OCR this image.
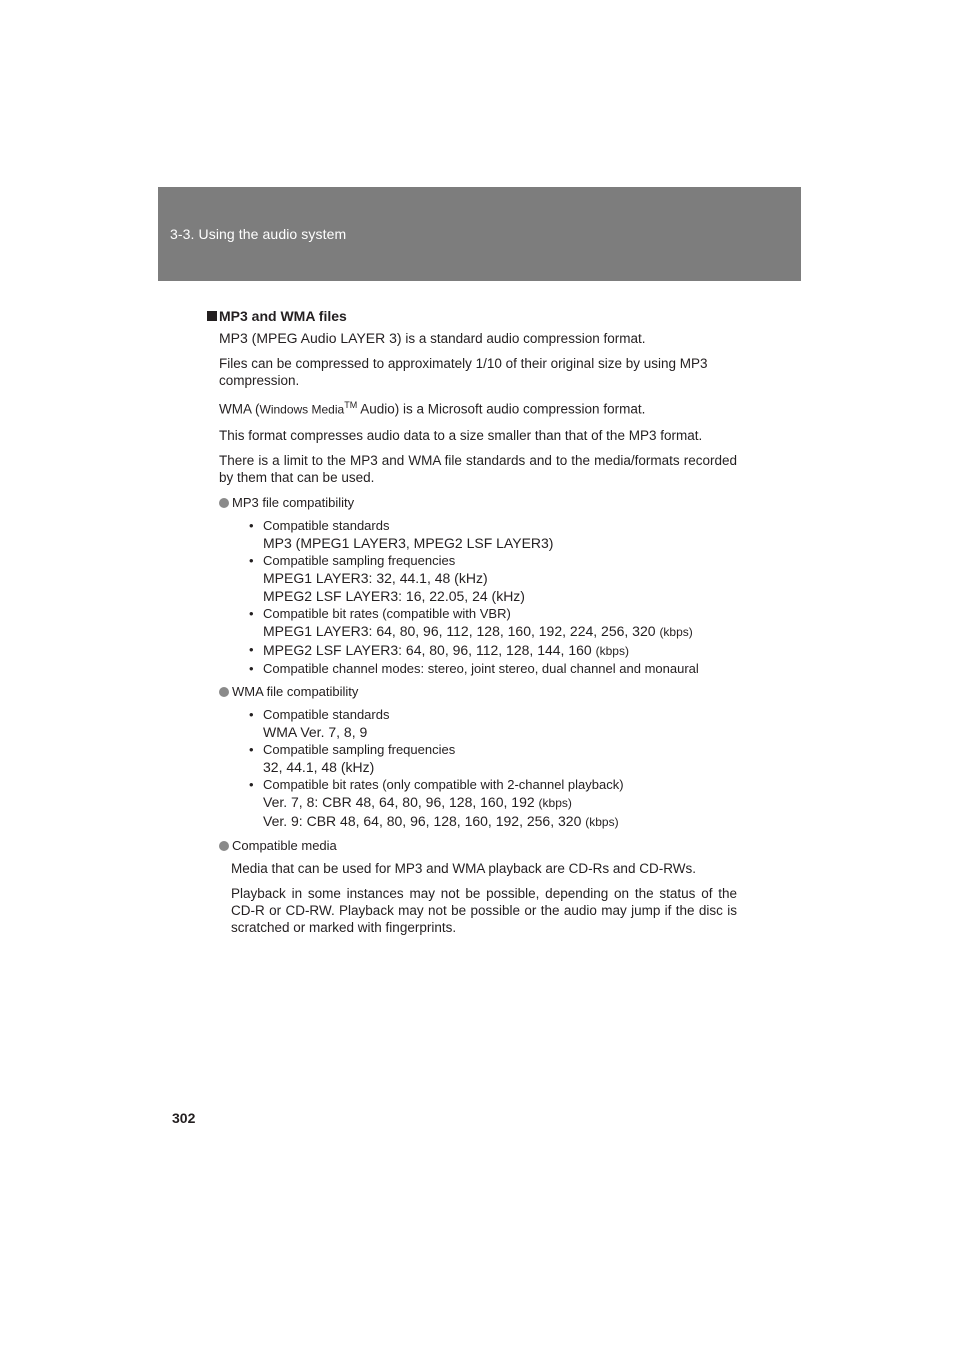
3-3. Using the audio system
MP3 and WMA files

MP3 (MPEG Audio LAYER 3) is a standard audio compression format.

Files can be compressed to approximately 1/10 of their original size by using MP3 compression.

WMA (Windows Media™ Audio) is a Microsoft audio compression format.

This format compresses audio data to a size smaller than that of the MP3 format.

There is a limit to the MP3 and WMA file standards and to the media/formats recorded by them that can be used.

MP3 file compatibility
• Compatible standards
MP3 (MPEG1 LAYER3, MPEG2 LSF LAYER3)
• Compatible sampling frequencies
MPEG1 LAYER3: 32, 44.1, 48 (kHz)
MPEG2 LSF LAYER3: 16, 22.05, 24 (kHz)
• Compatible bit rates (compatible with VBR)
MPEG1 LAYER3: 64, 80, 96, 112, 128, 160, 192, 224, 256, 320 (kbps)
• MPEG2 LSF LAYER3: 64, 80, 96, 112, 128, 144, 160 (kbps)
• Compatible channel modes: stereo, joint stereo, dual channel and monaural
WMA file compatibility
• Compatible standards
WMA Ver. 7, 8, 9
• Compatible sampling frequencies
32, 44.1, 48 (kHz)
• Compatible bit rates (only compatible with 2-channel playback)
Ver. 7, 8: CBR 48, 64, 80, 96, 128, 160, 192 (kbps)
Ver. 9: CBR 48, 64, 80, 96, 128, 160, 192, 256, 320 (kbps)
Compatible media

Media that can be used for MP3 and WMA playback are CD-Rs and CD-RWs.

Playback in some instances may not be possible, depending on the status of the CD-R or CD-RW. Playback may not be possible or the audio may jump if the disc is scratched or marked with fingerprints.

302
